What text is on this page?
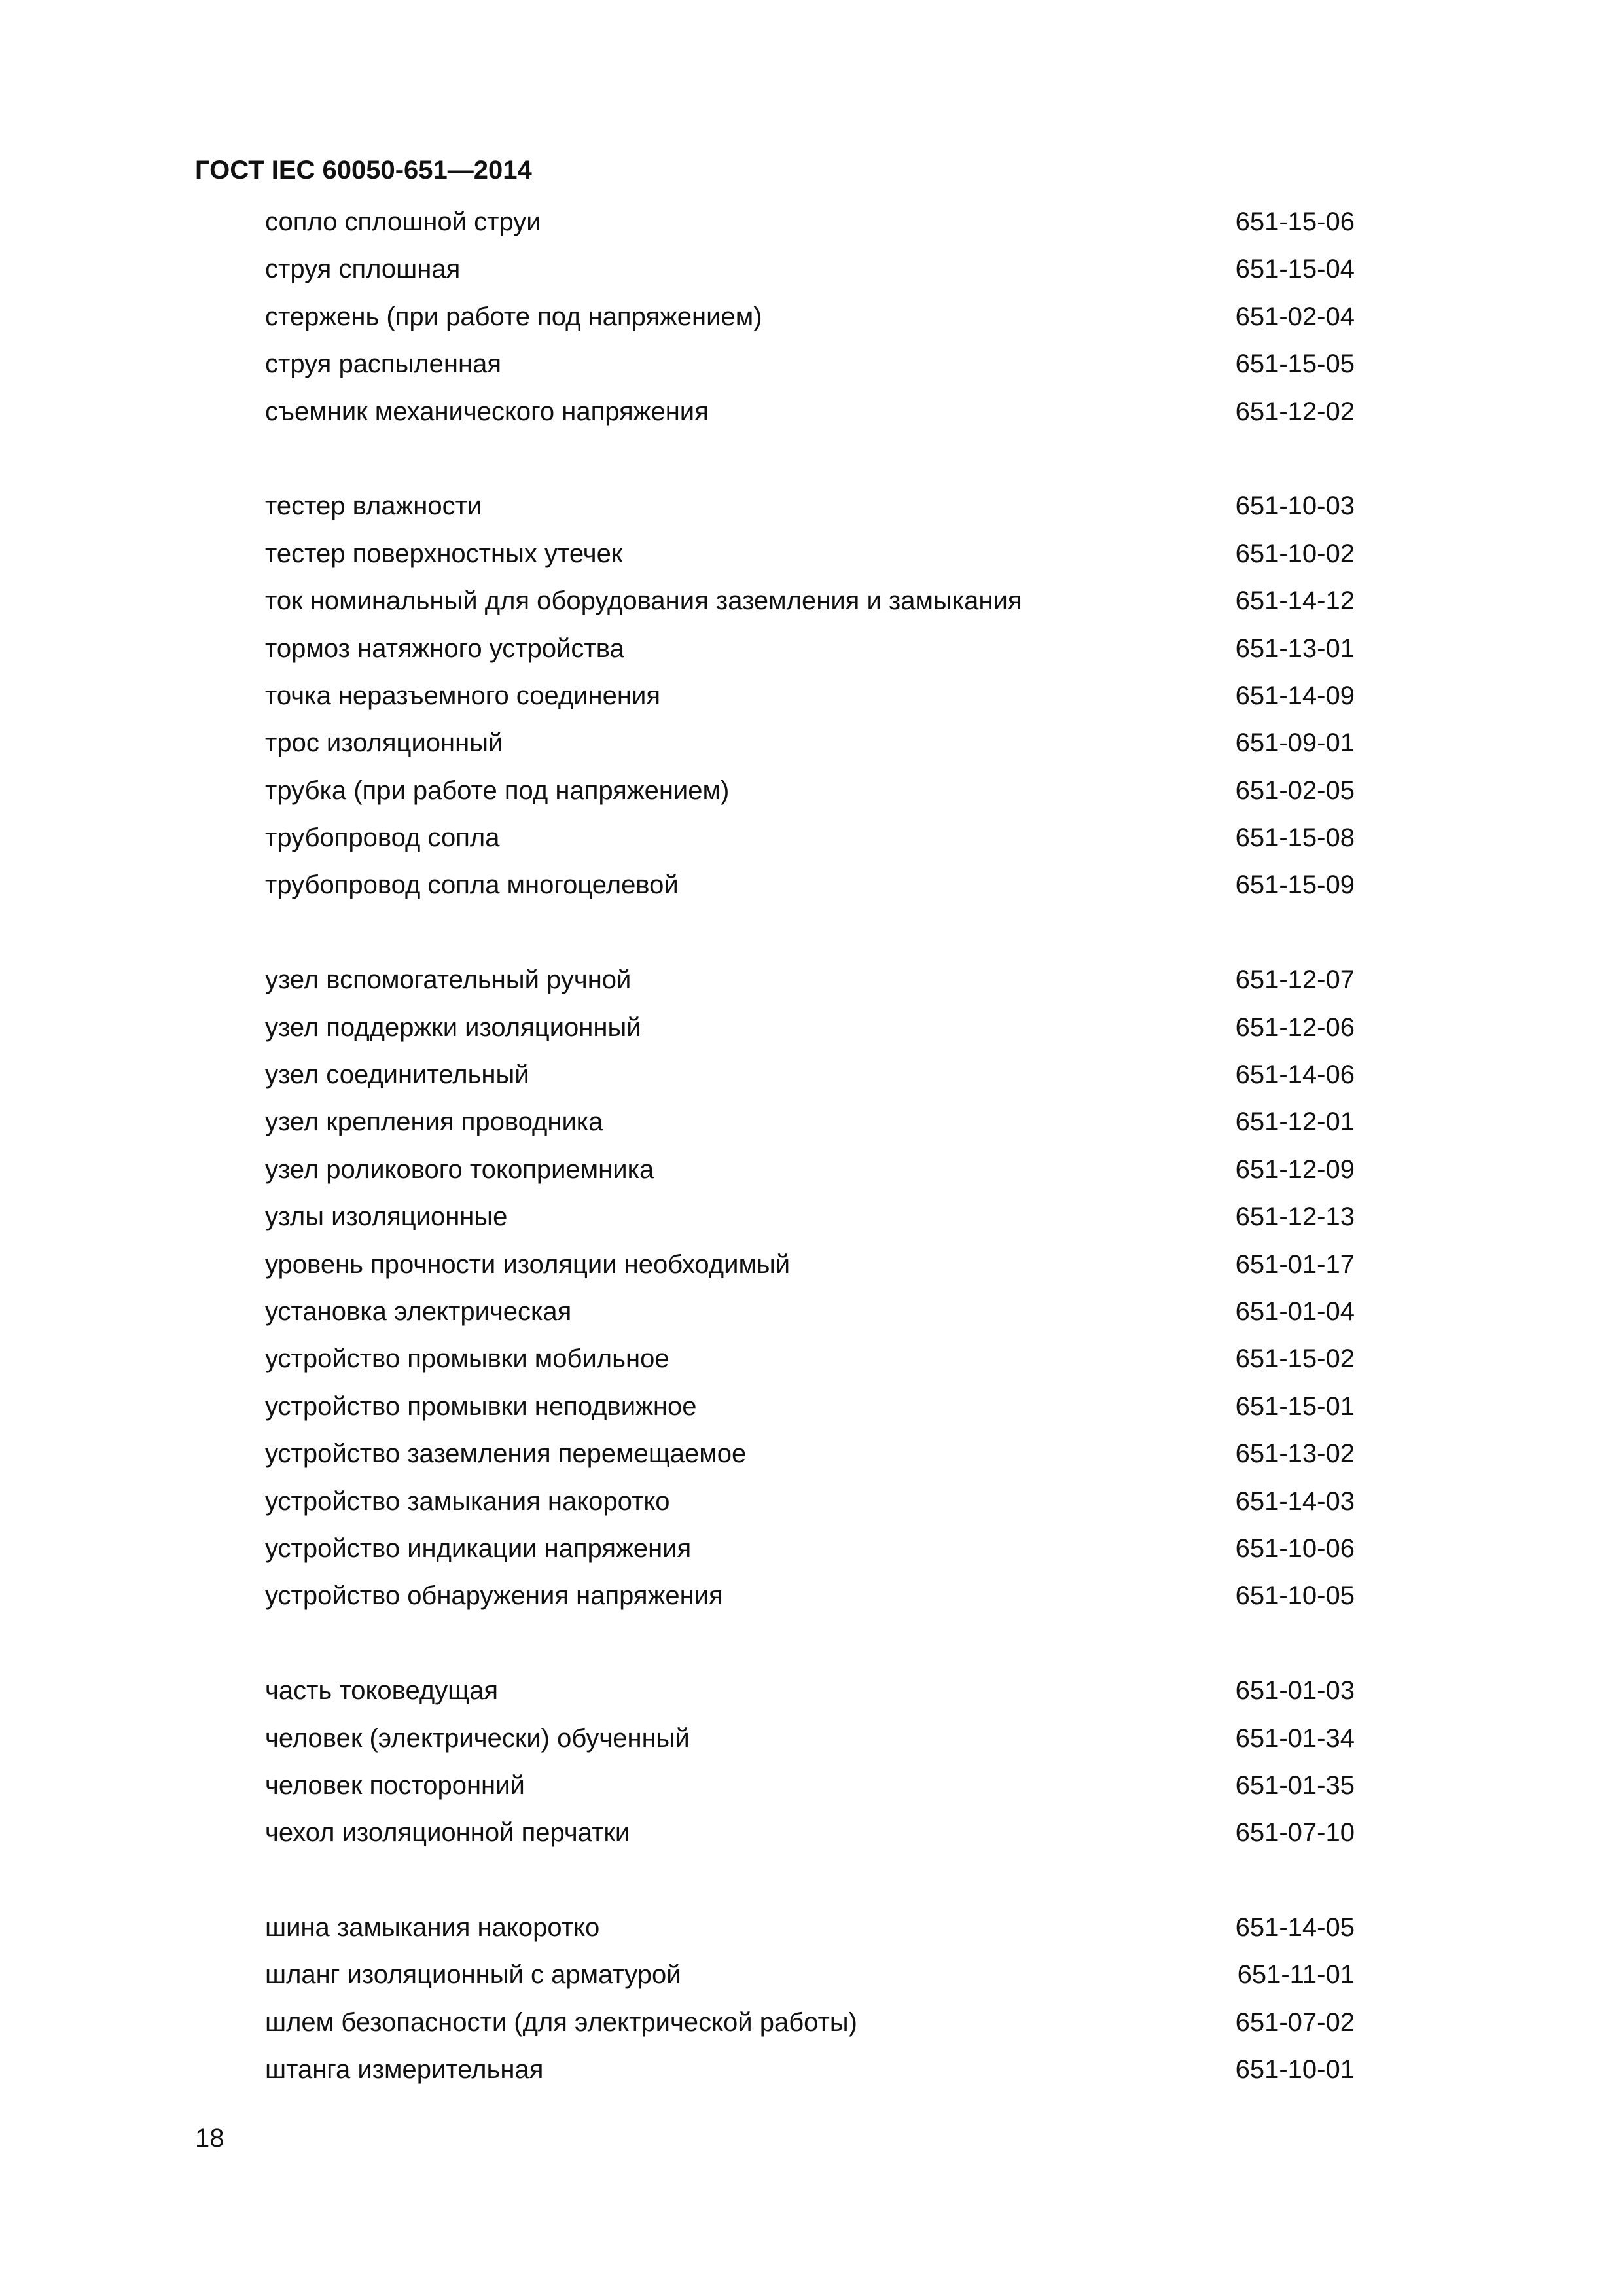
ГОСТ IEC 60050-651—2014
сопло сплошной струи	651-15-06
струя сплошная	651-15-04
стержень (при работе под напряжением)	651-02-04
струя распыленная	651-15-05
съемник механического напряжения	651-12-02
тестер влажности	651-10-03
тестер поверхностных утечек	651-10-02
ток номинальный для оборудования заземления и замыкания	651-14-12
тормоз натяжного устройства	651-13-01
точка неразъемного соединения	651-14-09
трос изоляционный	651-09-01
трубка (при работе под напряжением)	651-02-05
трубопровод сопла	651-15-08
трубопровод сопла многоцелевой	651-15-09
узел вспомогательный ручной	651-12-07
узел поддержки изоляционный	651-12-06
узел соединительный	651-14-06
узел крепления проводника	651-12-01
узел роликового токоприемника	651-12-09
узлы изоляционные	651-12-13
уровень прочности изоляции необходимый	651-01-17
установка электрическая	651-01-04
устройство промывки мобильное	651-15-02
устройство промывки неподвижное	651-15-01
устройство заземления перемещаемое	651-13-02
устройство замыкания накоротко	651-14-03
устройство индикации напряжения	651-10-06
устройство обнаружения напряжения	651-10-05
часть токоведущая	651-01-03
человек (электрически) обученный	651-01-34
человек посторонний	651-01-35
чехол изоляционной перчатки	651-07-10
шина замыкания накоротко	651-14-05
шланг изоляционный с арматурой	651-11-01
шлем безопасности (для электрической работы)	651-07-02
штанга измерительная	651-10-01
18
